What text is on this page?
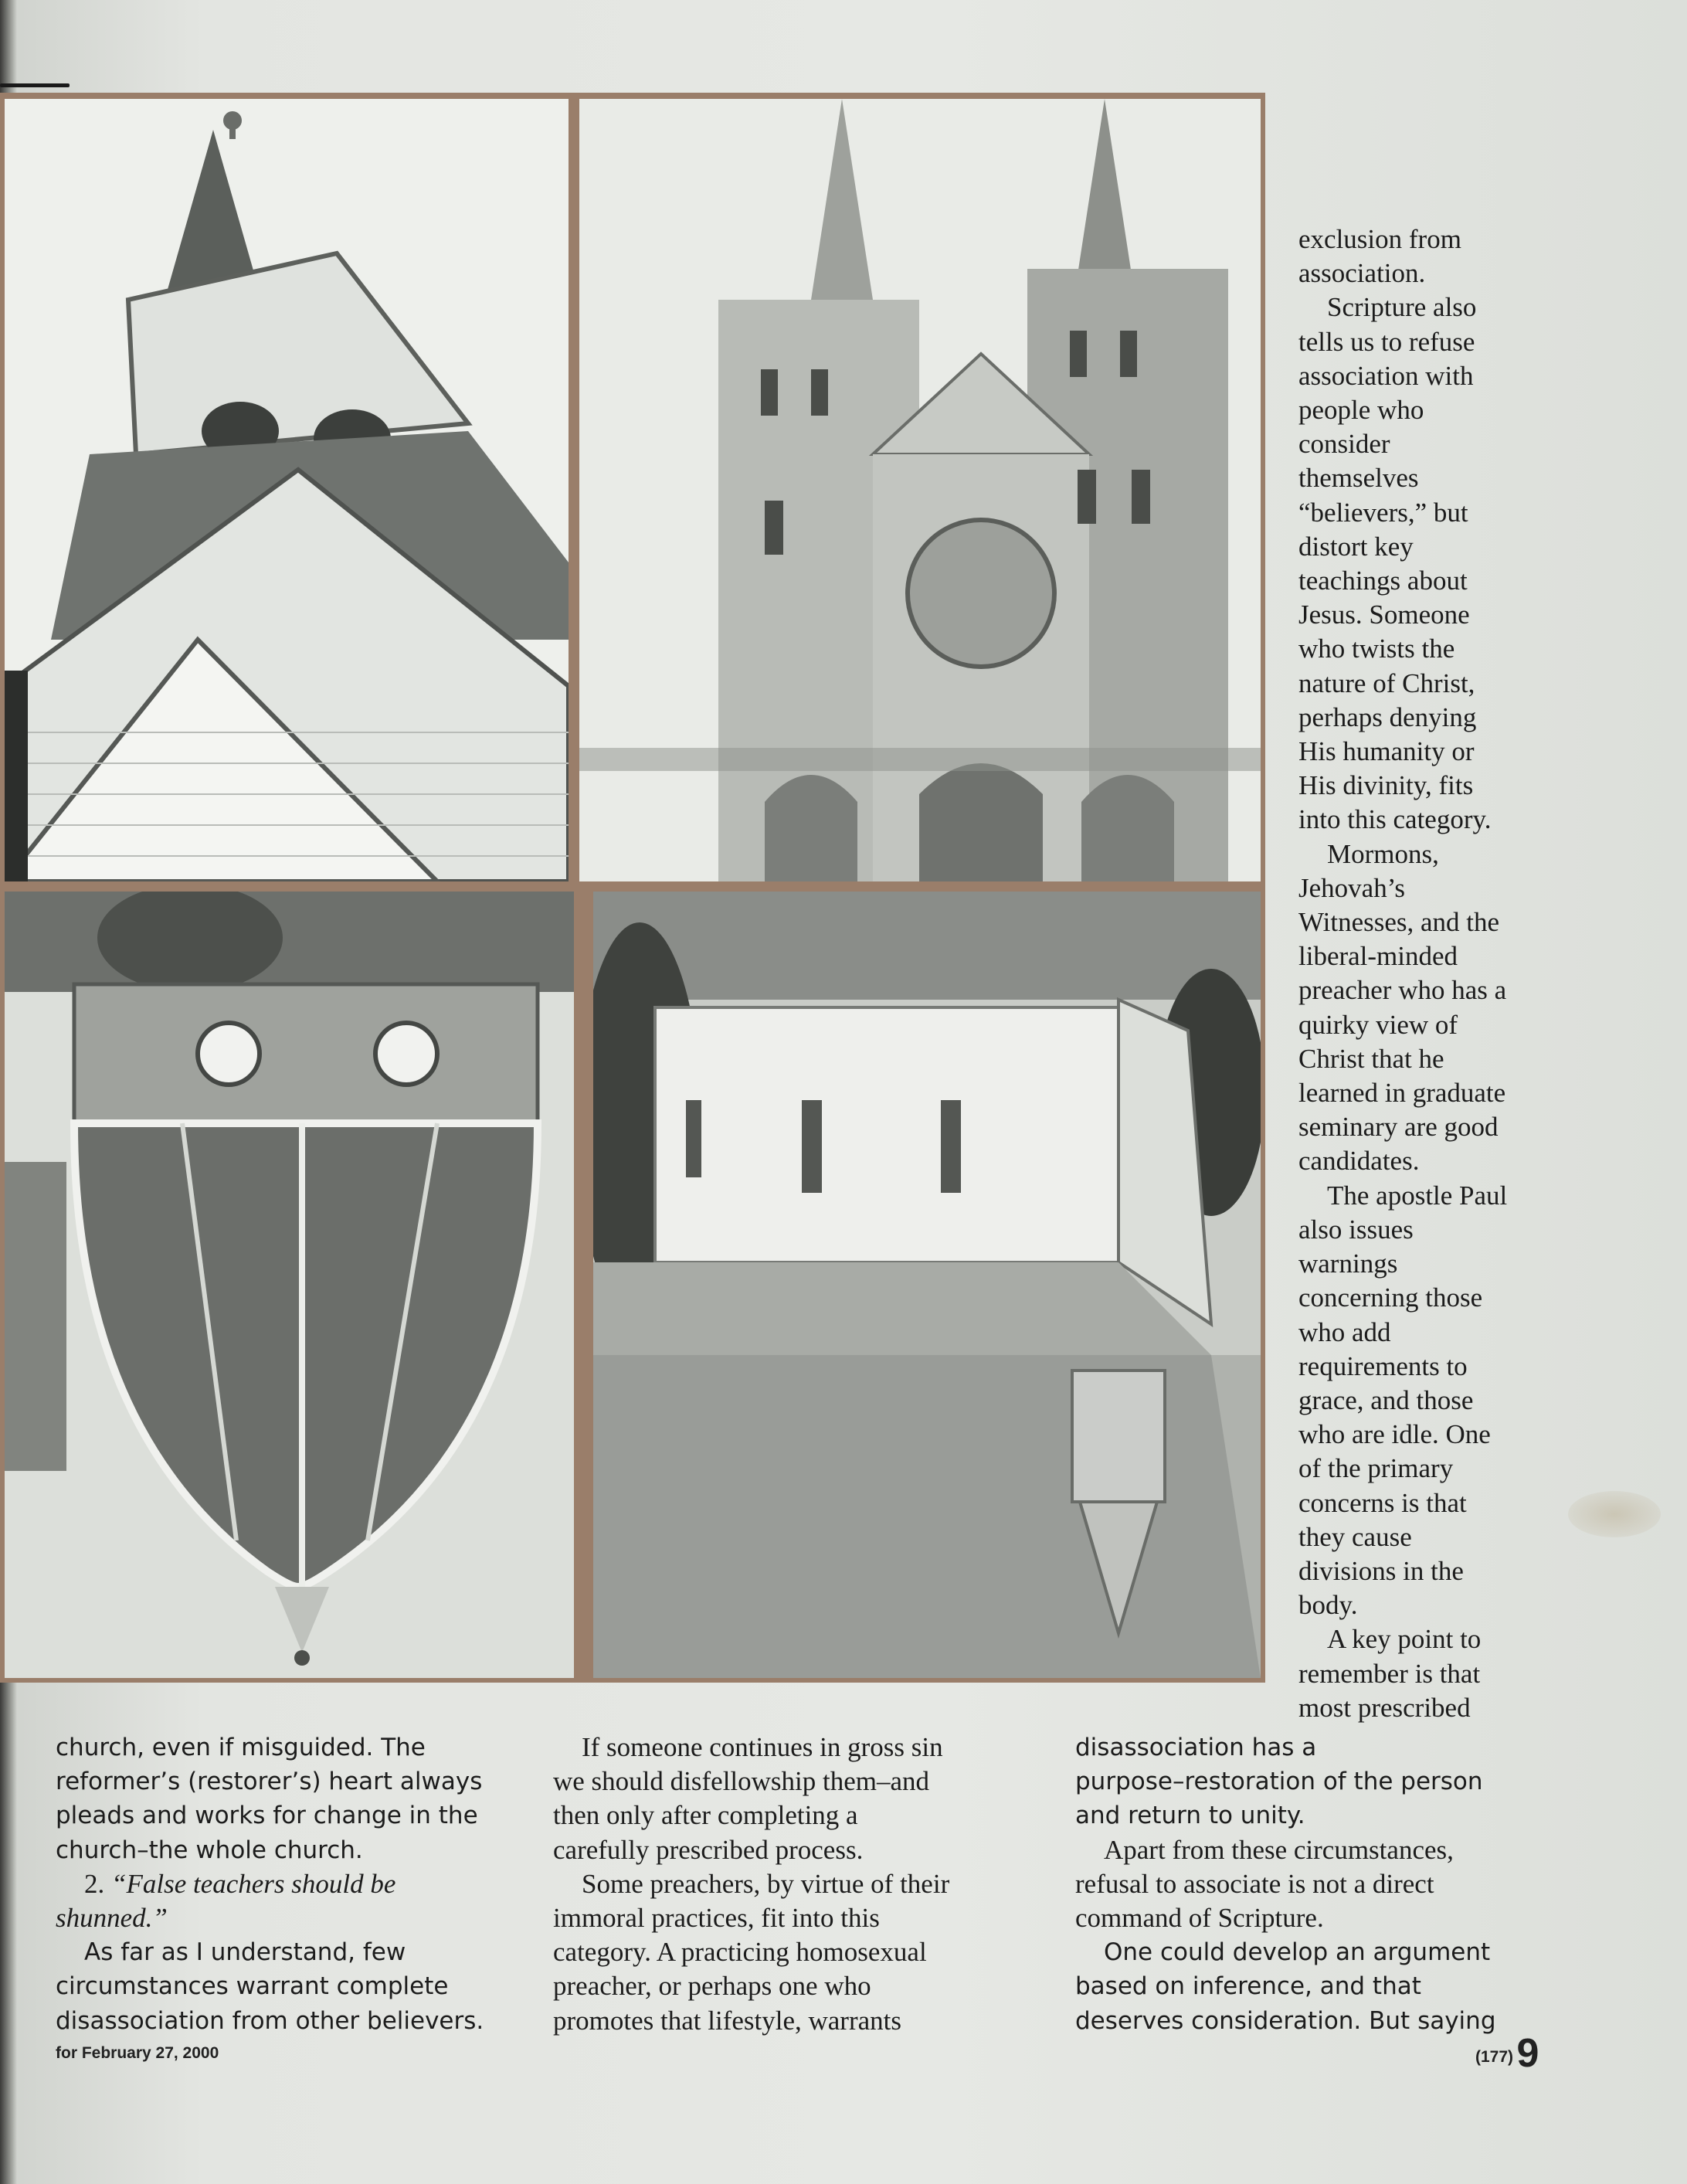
exclusion from
association.
Scripture also
tells us to refuse
association with
people who
consider
themselves
“believers,” but
distort key
teachings about
Jesus. Someone
who twists the
nature of Christ,
perhaps denying
His humanity or
His divinity, fits
into this category.
Mormons,
Jehovah’s
Witnesses, and the
liberal-minded
preacher who has a
quirky view of
Christ that he
learned in graduate
seminary are good
candidates.
The apostle Paul
also issues
warnings
concerning those
who add
requirements to
grace, and those
who are idle. One
of the primary
concerns is that
they cause
divisions in the
body.
A key point to
remember is that
most prescribed

church, even if misguided. The
reformer’s (restorer’s) heart always
pleads and works for change in the
church–the whole church.

2. “False teachers should be
shunned.”

As far as I understand, few
circumstances warrant complete
disassociation from other believers.

If someone continues in gross sin
we should disfellowship them–and
then only after completing a
carefully prescribed process.

Some preachers, by virtue of their
immoral practices, fit into this
category. A practicing homosexual
preacher, or perhaps one who
promotes that lifestyle, warrants

disassociation has a
purpose–restoration of the person
and return to unity.

Apart from these circumstances,
refusal to associate is not a direct
command of Scripture.

One could develop an argument
based on inference, and that
deserves consideration. But saying

for February 27, 2000	(177) 9
